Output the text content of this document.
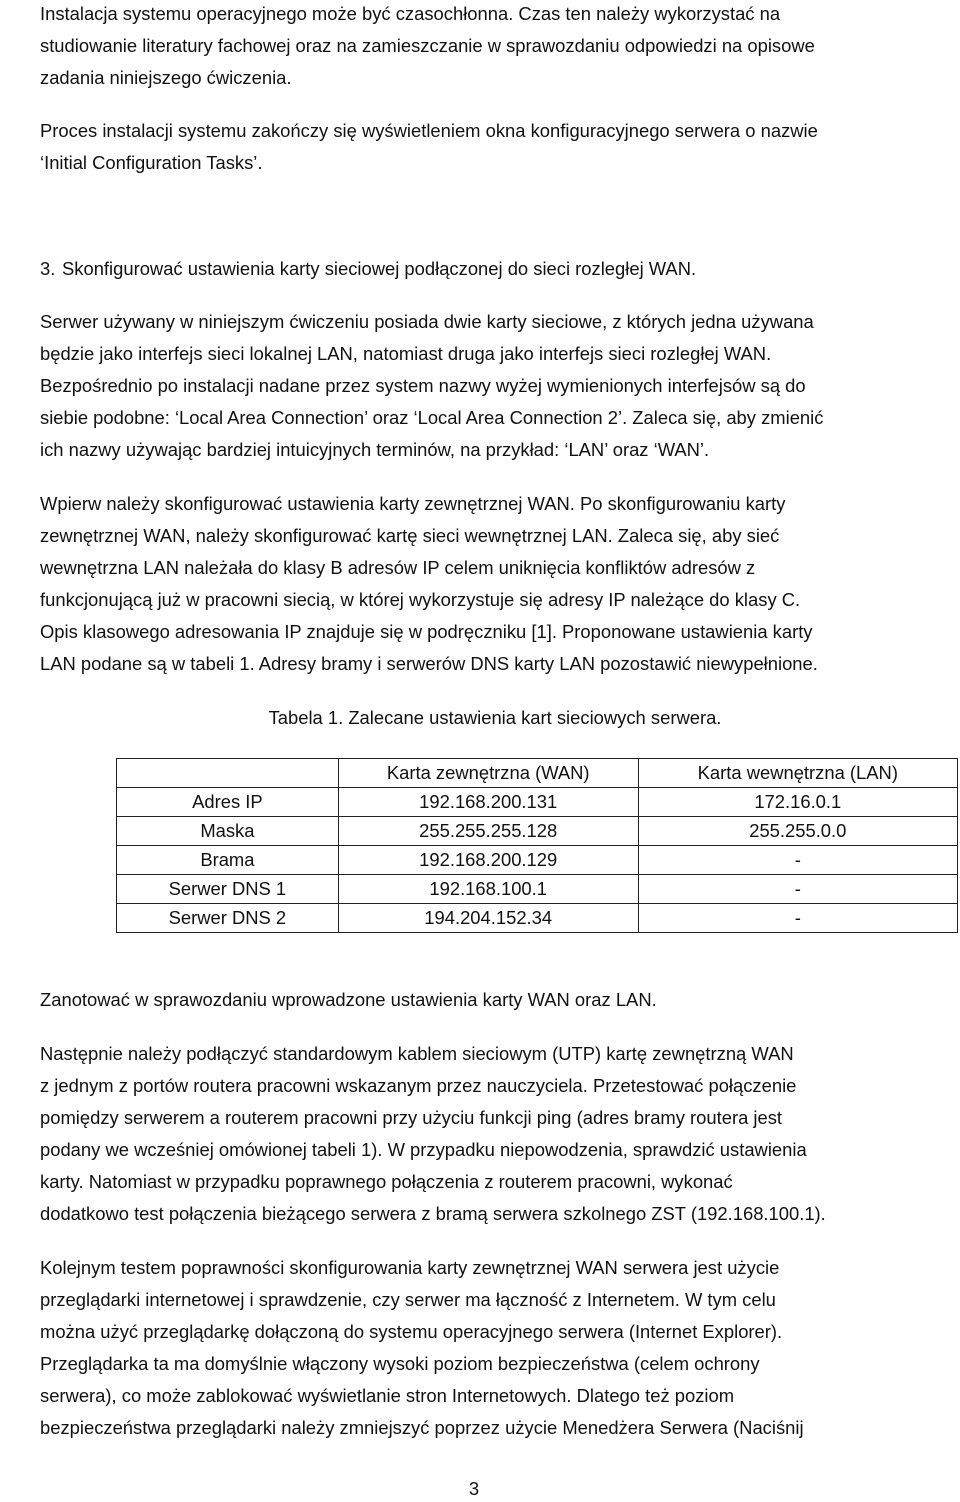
Instalacja systemu operacyjnego może być czasochłonna. Czas ten należy wykorzystać na
studiowanie literatury fachowej oraz na zamieszczanie w sprawozdaniu odpowiedzi na opisowe
zadania niniejszego ćwiczenia.
Proces instalacji systemu zakończy się wyświetleniem okna konfiguracyjnego serwera o nazwie
‘Initial Configuration Tasks’.
3. Skonfigurować ustawienia karty sieciowej podłączonej do sieci rozległej WAN.
Serwer używany w niniejszym ćwiczeniu posiada dwie karty sieciowe, z których jedna używana
będzie jako interfejs sieci lokalnej LAN, natomiast druga jako interfejs sieci rozległej WAN.
Bezpośrednio po instalacji nadane przez system nazwy wyżej wymienionych interfejsów są do
siebie podobne: ‘Local Area Connection’ oraz ‘Local Area Connection 2’. Zaleca się, aby zmienić
ich nazwy używając bardziej intuicyjnych terminów, na przykład: ‘LAN’ oraz ‘WAN’.
Wpierw należy skonfigurować ustawienia karty zewnętrznej WAN. Po skonfigurowaniu karty
zewnętrznej WAN, należy skonfigurować kartę sieci wewnętrznej LAN. Zaleca się, aby sieć
wewnętrzna LAN należała do klasy B adresów IP celem uniknięcia konfliktów adresów z
funkcjonującą już w pracowni siecią, w której wykorzystuje się adresy IP należące do klasy C.
Opis klasowego adresowania IP znajduje się w podręczniku [1]. Proponowane ustawienia karty
LAN podane są w tabeli 1. Adresy bramy i serwerów DNS karty LAN pozostawić niewypełnione.
Tabela 1. Zalecane ustawienia kart sieciowych serwera.
	Karta zewnętrzna (WAN)	Karta wewnętrzna (LAN)
Adres IP	192.168.200.131	172.16.0.1
Maska	255.255.255.128	255.255.0.0
Brama	192.168.200.129	-
Serwer DNS 1	192.168.100.1	-
Serwer DNS 2	194.204.152.34	-
Zanotować w sprawozdaniu wprowadzone ustawienia karty WAN oraz LAN.
Następnie należy podłączyć standardowym kablem sieciowym (UTP) kartę zewnętrzną WAN
z jednym z portów routera pracowni wskazanym przez nauczyciela. Przetestować połączenie
pomiędzy serwerem a routerem pracowni przy użyciu funkcji ping (adres bramy routera jest
podany we wcześniej omówionej tabeli 1). W przypadku niepowodzenia, sprawdzić ustawienia
karty. Natomiast w przypadku poprawnego połączenia z routerem pracowni, wykonać
dodatkowo test połączenia bieżącego serwera z bramą serwera szkolnego ZST (192.168.100.1).
Kolejnym testem poprawności skonfigurowania karty zewnętrznej WAN serwera jest użycie
przeglądarki internetowej i sprawdzenie, czy serwer ma łączność z Internetem. W tym celu
można użyć przeglądarkę dołączoną do systemu operacyjnego serwera (Internet Explorer).
Przeglądarka ta ma domyślnie włączony wysoki poziom bezpieczeństwa (celem ochrony
serwera), co może zablokować wyświetlanie stron Internetowych. Dlatego też poziom
bezpieczeństwa przeglądarki należy zmniejszyć poprzez użycie Menedżera Serwera (Naciśnij
3
